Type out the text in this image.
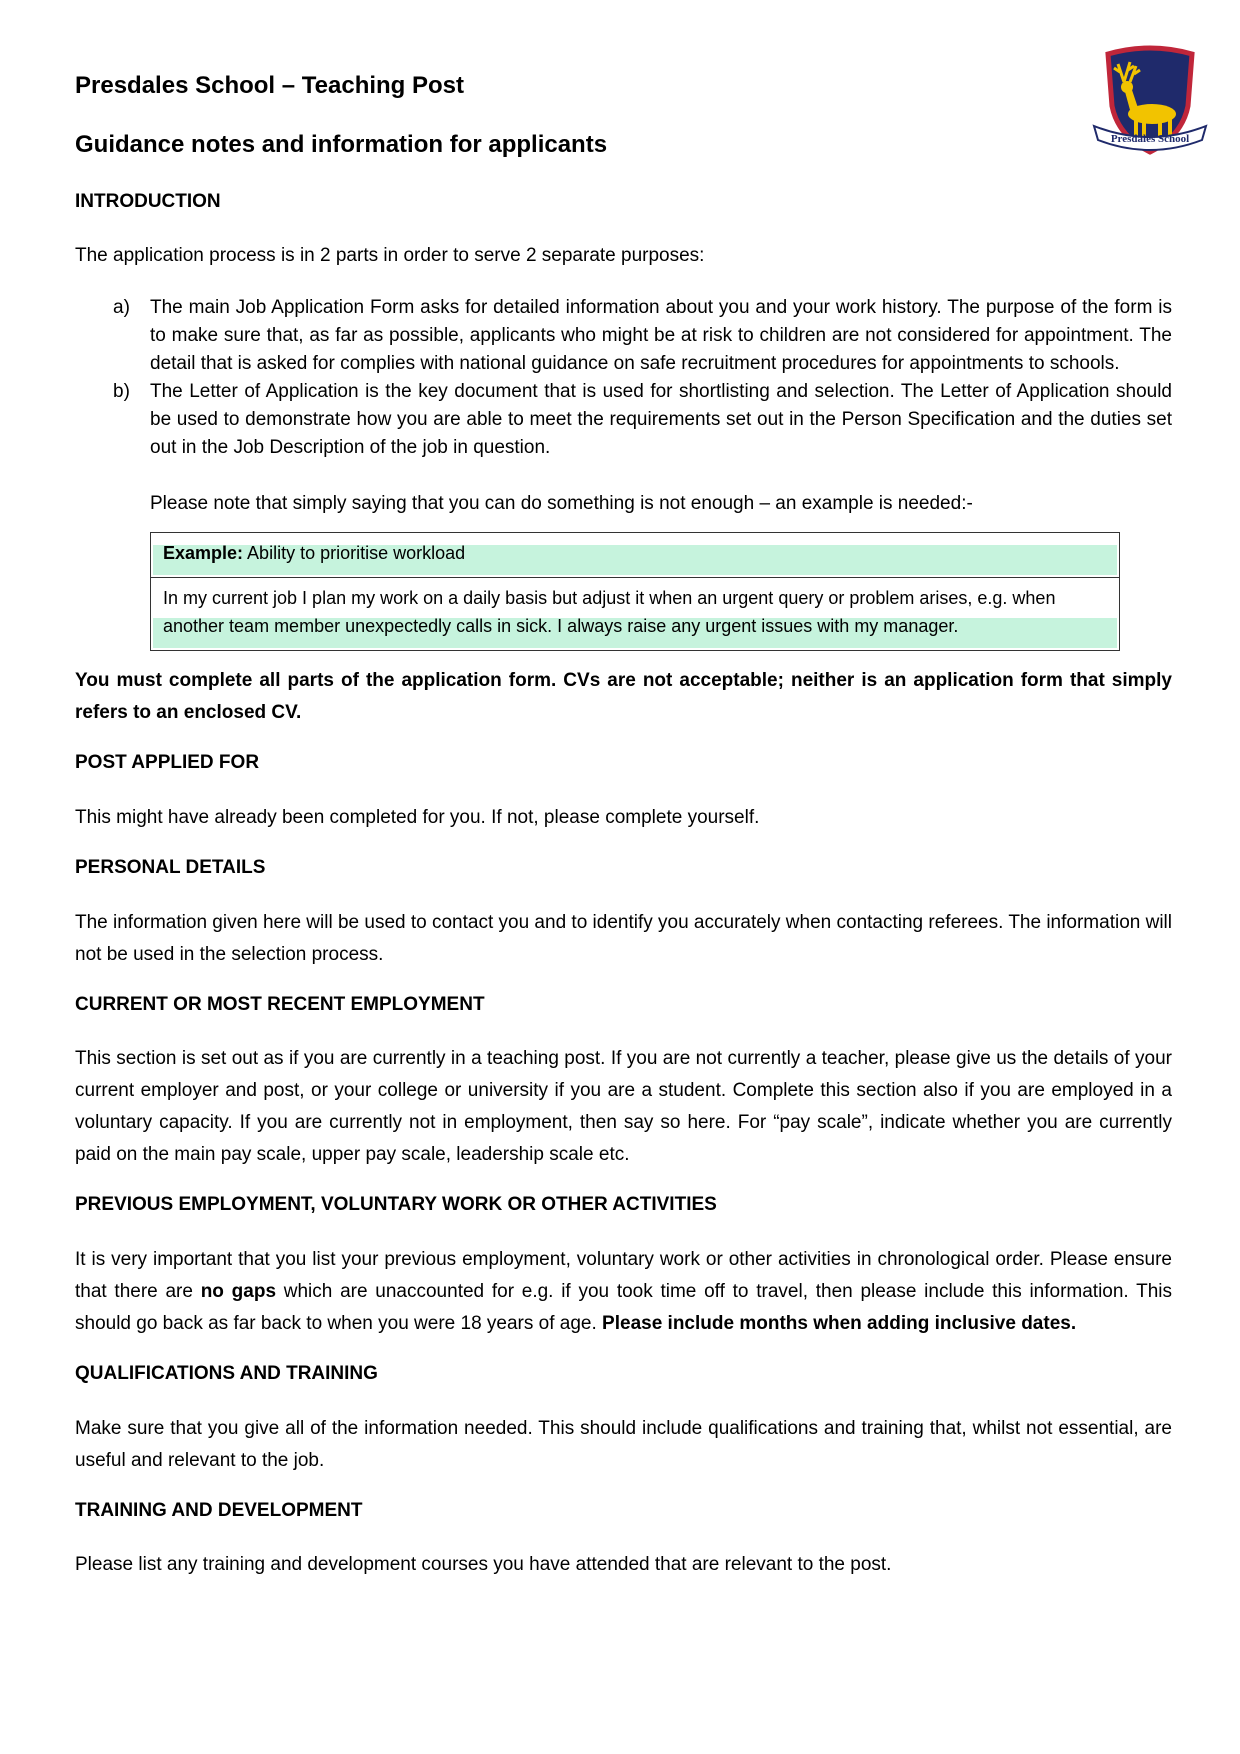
Presdales School
Presdales School – Teaching Post
Guidance notes and information for applicants
INTRODUCTION

The application process is in 2 parts in order to serve 2 separate purposes:

a) The main Job Application Form asks for detailed information about you and your work history. The purpose of the form is to make sure that, as far as possible, applicants who might be at risk to children are not considered for appointment. The detail that is asked for complies with national guidance on safe recruitment procedures for appointments to schools.
b) The Letter of Application is the key document that is used for shortlisting and selection. The Letter of Application should be used to demonstrate how you are able to meet the requirements set out in the Person Specification and the duties set out in the Job Description of the job in question.
Please note that simply saying that you can do something is not enough – an example is needed:-
Example: Ability to prioritise workload
In my current job I plan my work on a daily basis but adjust it when an urgent query or problem arises, e.g. when another team member unexpectedly calls in sick. I always raise any urgent issues with my manager.

You must complete all parts of the application form. CVs are not acceptable; neither is an application form that simply refers to an enclosed CV.

POST APPLIED FOR

This might have already been completed for you. If not, please complete yourself.

PERSONAL DETAILS

The information given here will be used to contact you and to identify you accurately when contacting referees. The information will not be used in the selection process.

CURRENT OR MOST RECENT EMPLOYMENT

This section is set out as if you are currently in a teaching post. If you are not currently a teacher, please give us the details of your current employer and post, or your college or university if you are a student. Complete this section also if you are employed in a voluntary capacity. If you are currently not in employment, then say so here. For “pay scale”, indicate whether you are currently paid on the main pay scale, upper pay scale, leadership scale etc.

PREVIOUS EMPLOYMENT, VOLUNTARY WORK OR OTHER ACTIVITIES

It is very important that you list your previous employment, voluntary work or other activities in chronological order. Please ensure that there are no gaps which are unaccounted for e.g. if you took time off to travel, then please include this information. This should go back as far back to when you were 18 years of age. Please include months when adding inclusive dates.

QUALIFICATIONS AND TRAINING

Make sure that you give all of the information needed. This should include qualifications and training that, whilst not essential, are useful and relevant to the job.

TRAINING AND DEVELOPMENT

Please list any training and development courses you have attended that are relevant to the post.
